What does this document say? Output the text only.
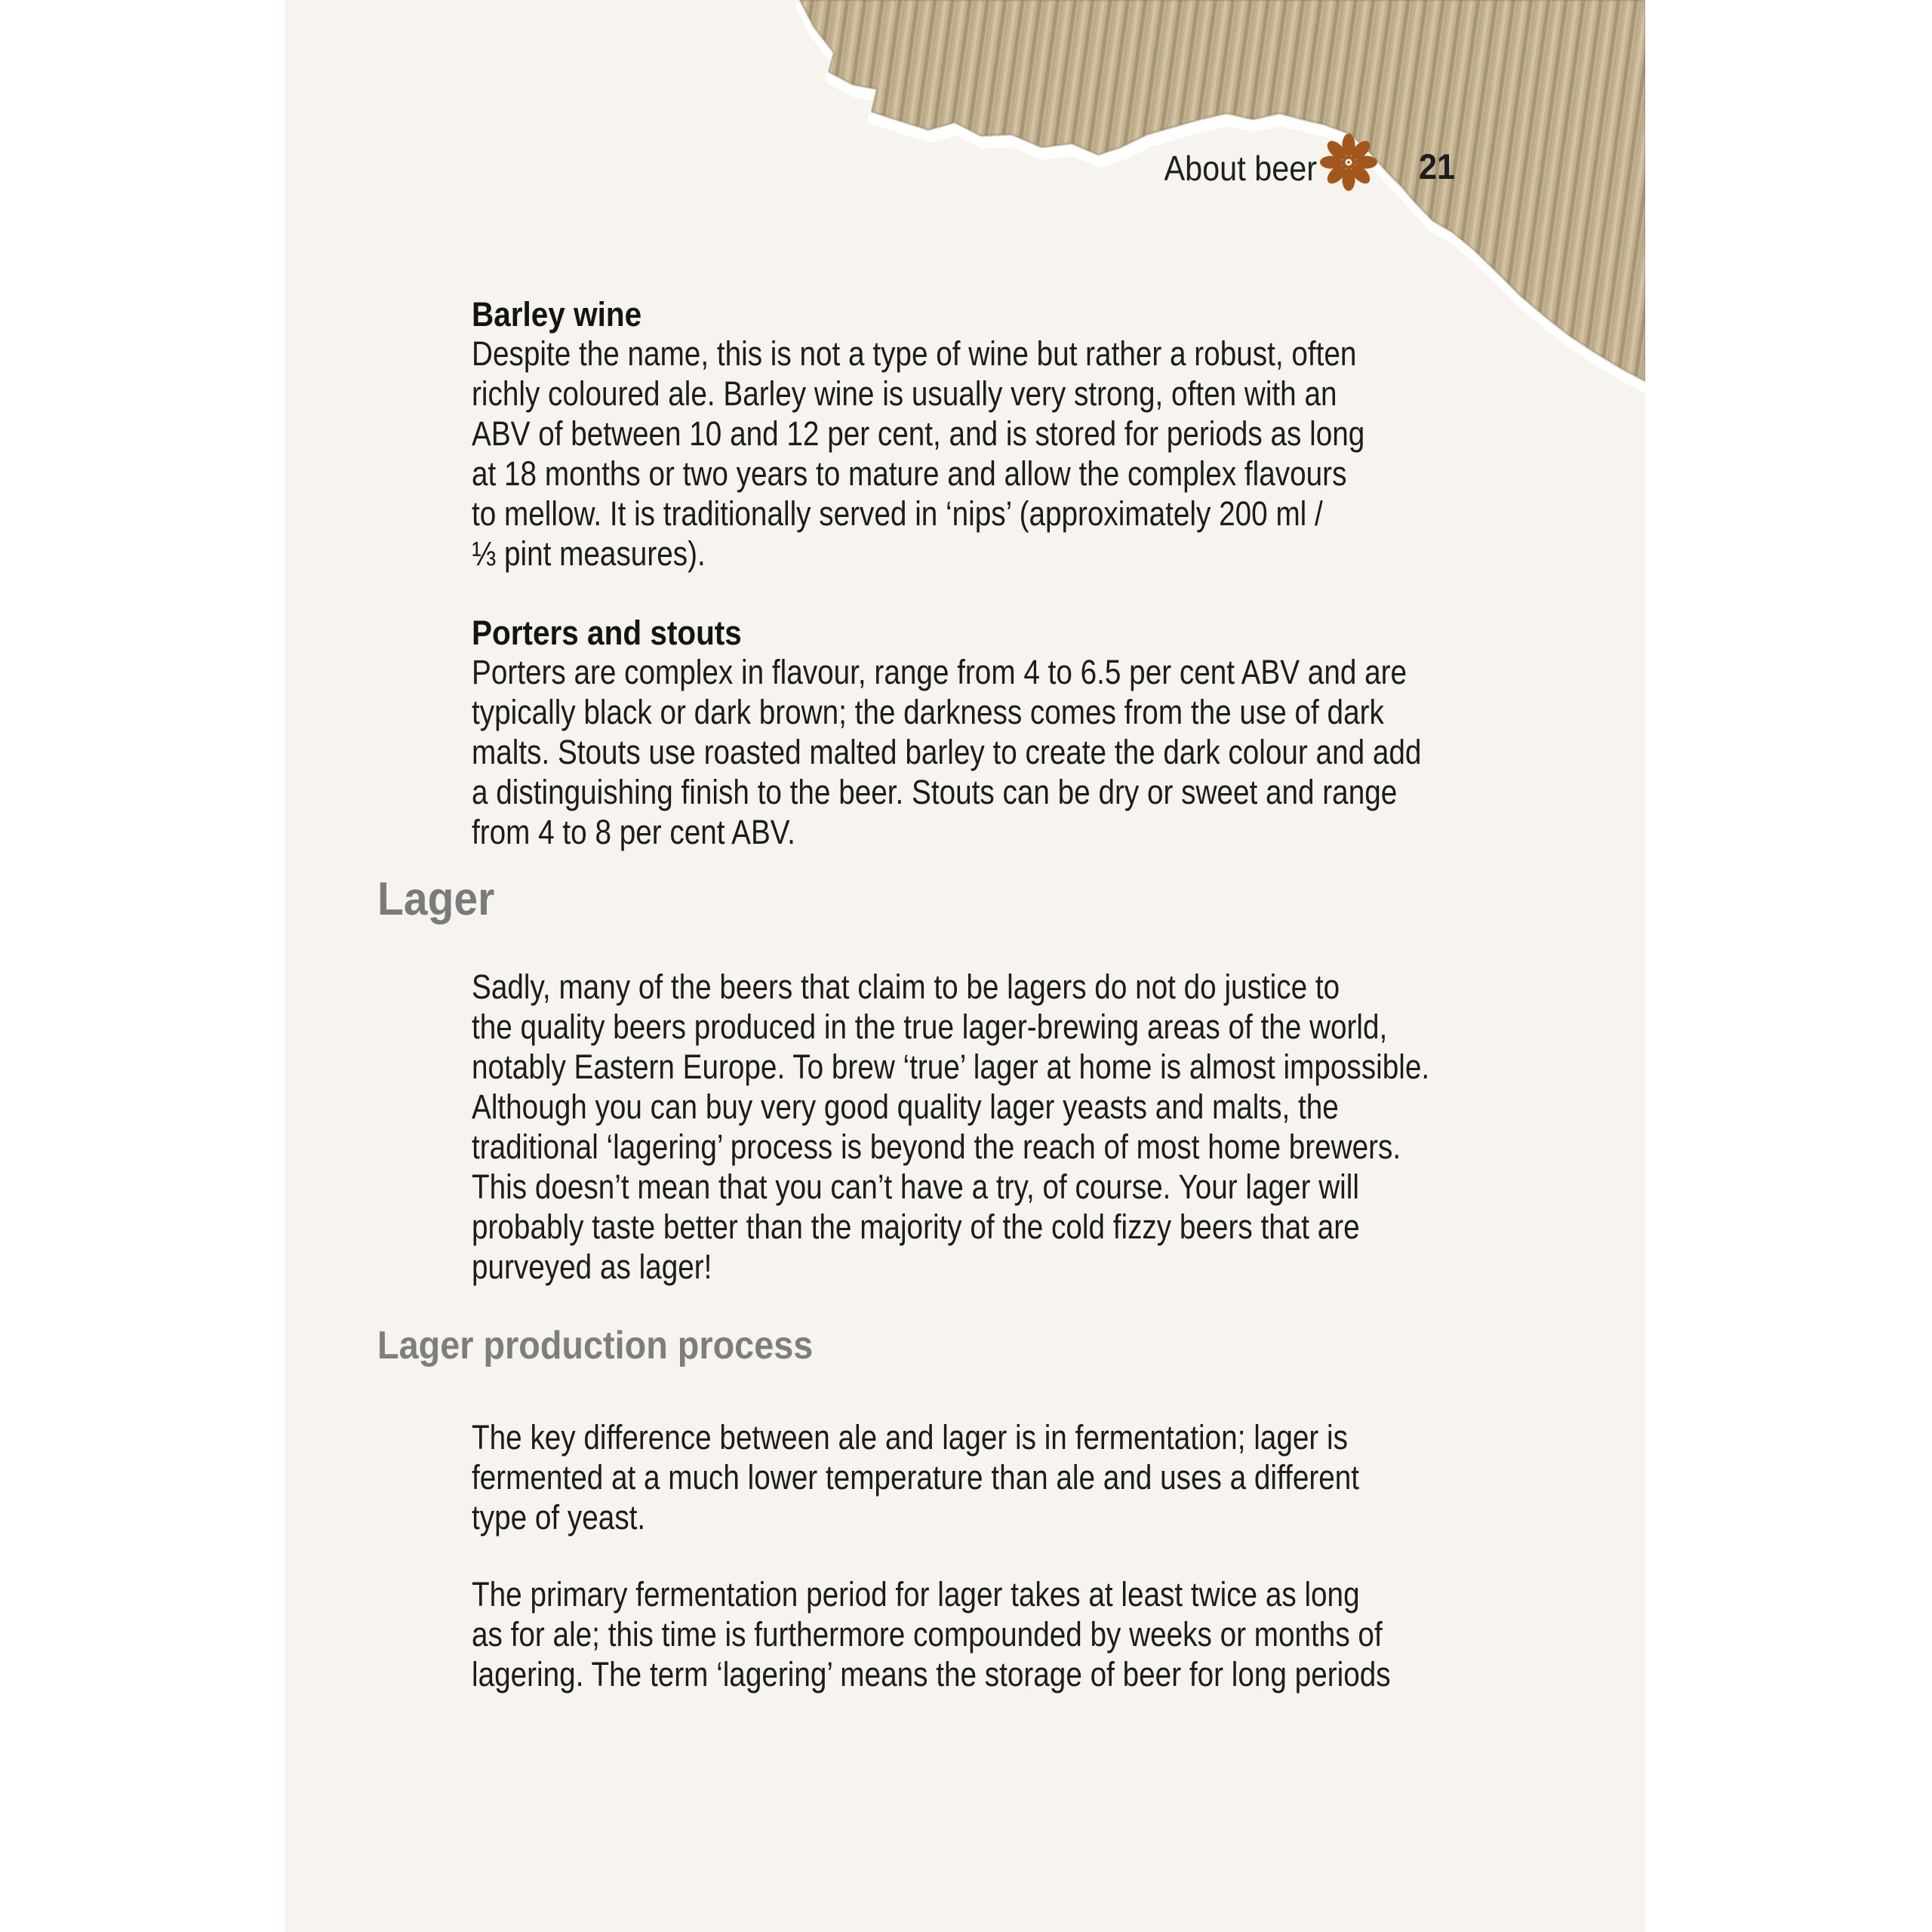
About beer	21
Barley wine
Despite the name, this is not a type of wine but rather a robust, often
richly coloured ale. Barley wine is usually very strong, often with an
ABV of between 10 and 12 per cent, and is stored for periods as long
at 18 months or two years to mature and allow the complex flavours
to mellow. It is traditionally served in ‘nips’ (approximately 200 ml /
⅓ pint measures).
Porters and stouts
Porters are complex in flavour, range from 4 to 6.5 per cent ABV and are
typically black or dark brown; the darkness comes from the use of dark
malts. Stouts use roasted malted barley to create the dark colour and add
a distinguishing finish to the beer. Stouts can be dry or sweet and range
from 4 to 8 per cent ABV.
Lager
Sadly, many of the beers that claim to be lagers do not do justice to
the quality beers produced in the true lager-brewing areas of the world,
notably Eastern Europe. To brew ‘true’ lager at home is almost impossible.
Although you can buy very good quality lager yeasts and malts, the
traditional ‘lagering’ process is beyond the reach of most home brewers.
This doesn’t mean that you can’t have a try, of course. Your lager will
probably taste better than the majority of the cold fizzy beers that are
purveyed as lager!
Lager production process
The key difference between ale and lager is in fermentation; lager is
fermented at a much lower temperature than ale and uses a different
type of yeast.
The primary fermentation period for lager takes at least twice as long
as for ale; this time is furthermore compounded by weeks or months of
lagering. The term ‘lagering’ means the storage of beer for long periods
